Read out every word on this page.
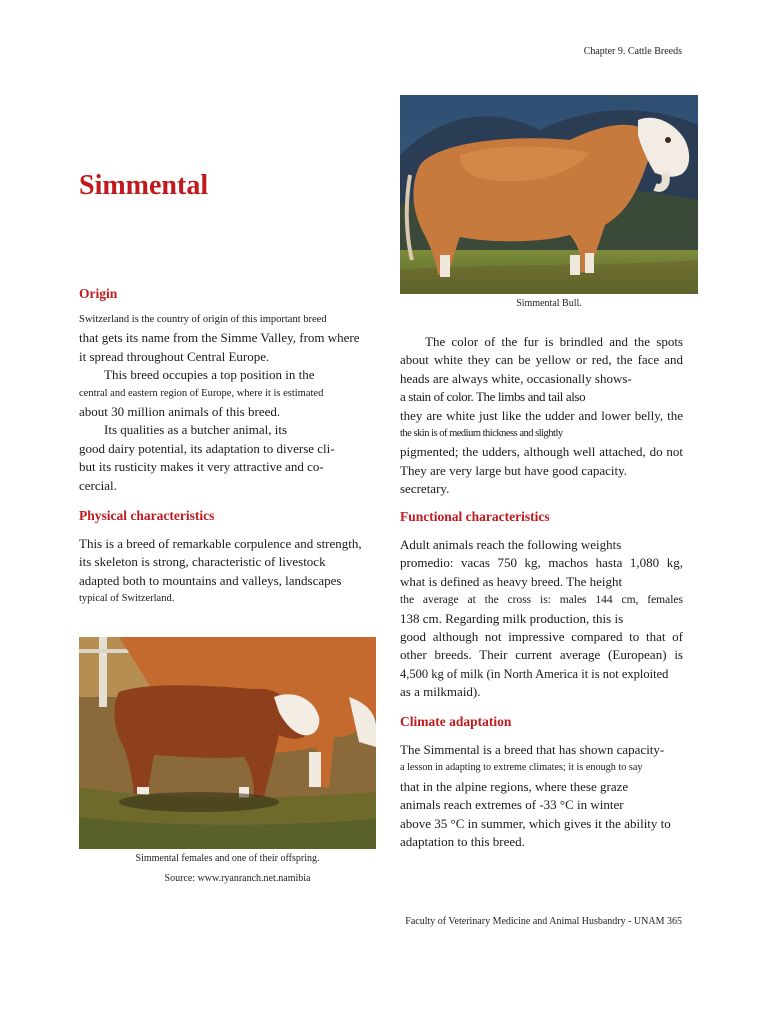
Chapter 9. Cattle Breeds
Simmental

Simmental Bull.

Origin
Switzerland is the country of origin of this important breed
that gets its name from the Simme Valley, from where
it spread throughout Central Europe.
This breed occupies a top position in the
central and eastern region of Europe, where it is estimated
about 30 million animals of this breed.
Its qualities as a butcher animal, its
good dairy potential, its adaptation to diverse cli-
but its rusticity makes it very attractive and co-
cercial.
Physical characteristics
This is a breed of remarkable corpulence and strength,
its skeleton is strong, characteristic of livestock
adapted both to mountains and valleys, landscapes
typical of Switzerland.

Simmental females and one of their offspring.

Source: www.ryanranch.net.namibia

The color of the fur is brindled and the spots
about white they can be yellow or red, the face and
heads are always white, occasionally shows-
a stain of color. The limbs and tail also
they are white just like the udder and lower belly, the
the skin is of medium thickness and slightly
pigmented; the udders, although well attached, do not
They are very large but have good capacity.
secretary.
Functional characteristics
Adult animals reach the following weights
promedio: vacas 750 kg, machos hasta 1,080 kg,
what is defined as heavy breed. The height
the average at the cross is: males 144 cm, females
138 cm. Regarding milk production, this is
good although not impressive compared to that of
other breeds. Their current average (European) is
4,500 kg of milk (in North America it is not exploited
as a milkmaid).
Climate adaptation
The Simmental is a breed that has shown capacity-
a lesson in adapting to extreme climates; it is enough to say
that in the alpine regions, where these graze
animals reach extremes of -33 °C in winter
above 35 °C in summer, which gives it the ability to
adaptation to this breed.
Faculty of Veterinary Medicine and Animal Husbandry - UNAM 365
